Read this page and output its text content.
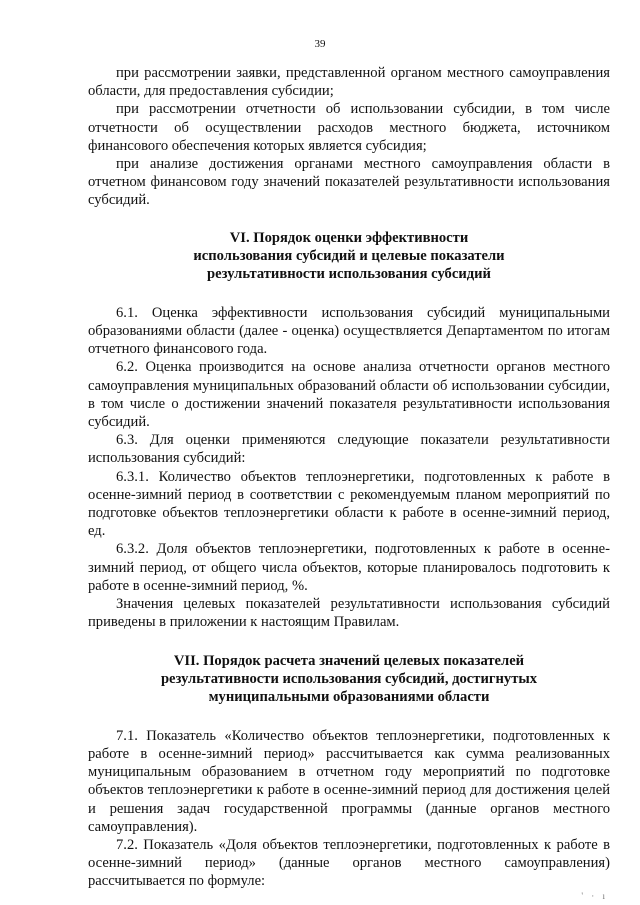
39

при рассмотрении заявки, представленной органом местного самоуправления области, для предоставления субсидии;

при рассмотрении отчетности об использовании субсидии, в том числе отчетности об осуществлении расходов местного бюджета, источником финансового обеспечения которых является субсидия;

при анализе достижения органами местного самоуправления области в отчетном финансовом году значений показателей результативности использования субсидий.

VI. Порядок оценки эффективности
использования субсидий и целевые показатели
результативности использования субсидий

6.1. Оценка эффективности использования субсидий муниципальными образованиями области (далее - оценка) осуществляется Департаментом по итогам отчетного финансового года.

6.2. Оценка производится на основе анализа отчетности органов местного самоуправления муниципальных образований области об использовании субсидии, в том числе о достижении значений показателя результативности использования субсидий.

6.3. Для оценки применяются следующие показатели результативности использования субсидий:

6.3.1. Количество объектов теплоэнергетики, подготовленных к работе в осенне-зимний период в соответствии с рекомендуемым планом мероприятий по подготовке объектов теплоэнергетики области к работе в осенне-зимний период, ед.

6.3.2. Доля объектов теплоэнергетики, подготовленных к работе в осенне-зимний период, от общего числа объектов, которые планировалось подготовить к работе в осенне-зимний период, %.

Значения целевых показателей результативности использования субсидий приведены в приложении к настоящим Правилам.

VII. Порядок расчета значений целевых показателей
результативности использования субсидий, достигнутых
муниципальными образованиями области

7.1. Показатель «Количество объектов теплоэнергетики, подготовленных к работе в осенне-зимний период» рассчитывается как сумма реализованных муниципальным образованием в отчетном году мероприятий по подготовке объектов теплоэнергетики к работе в осенне-зимний период для достижения целей и решения задач государственной программы (данные органов местного самоуправления).

7.2. Показатель «Доля объектов теплоэнергетики, подготовленных к работе в осенне-зимний период» (данные органов местного самоуправления) рассчитывается по формуле:

' · ı
